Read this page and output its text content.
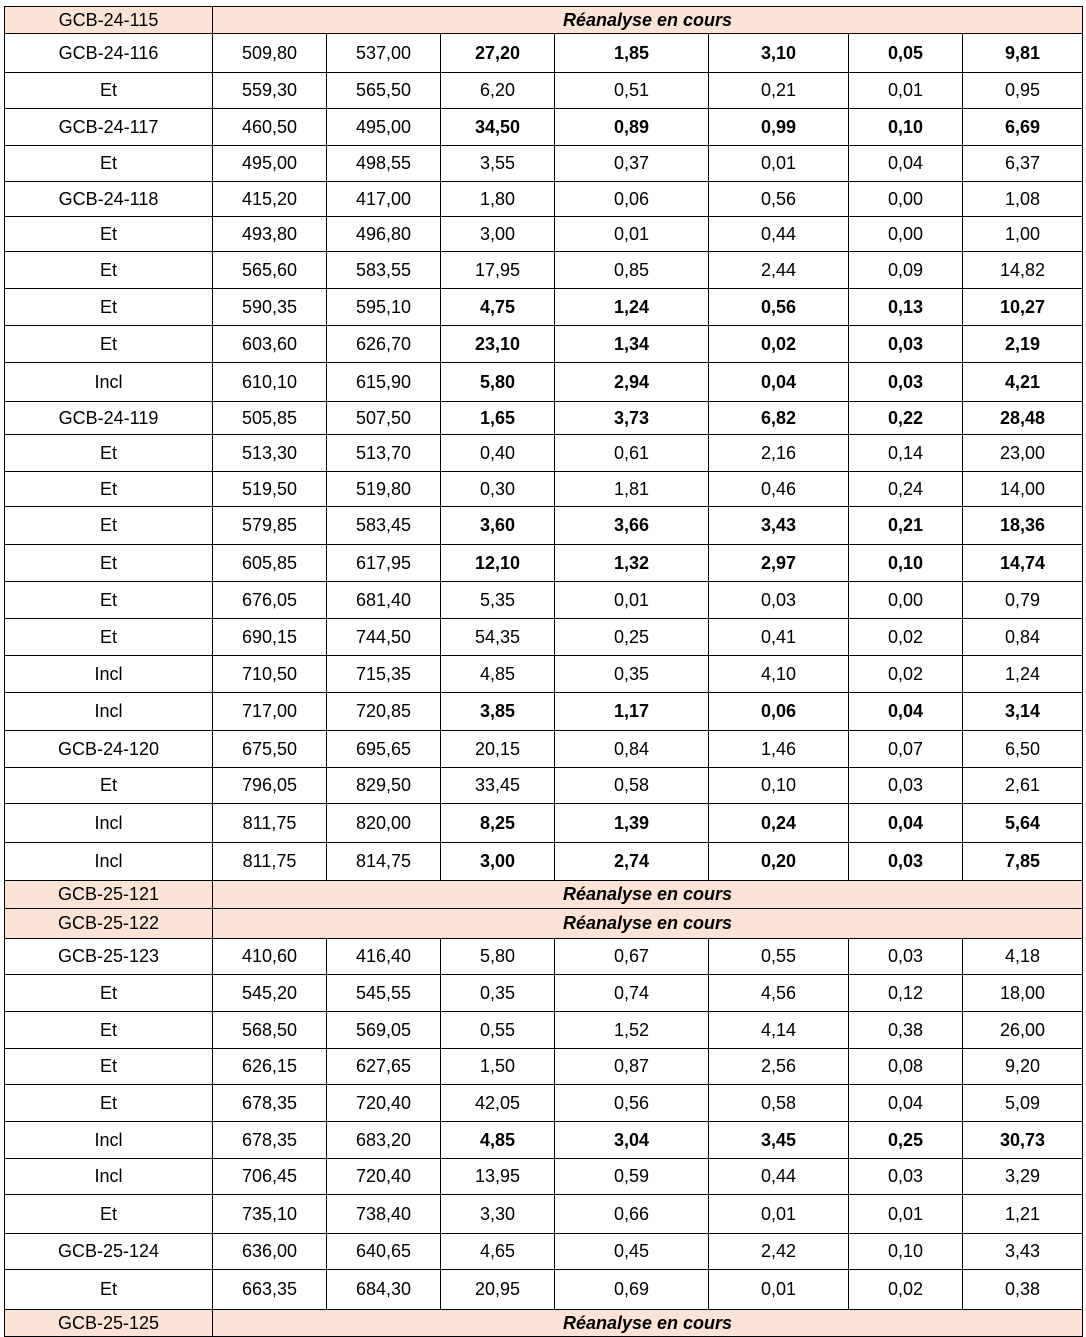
GCB-24-115	Réanalyse en cours						
GCB-24-116	509,80	537,00	27,20	1,85	3,10	0,05	9,81
Et	559,30	565,50	6,20	0,51	0,21	0,01	0,95
GCB-24-117	460,50	495,00	34,50	0,89	0,99	0,10	6,69
Et	495,00	498,55	3,55	0,37	0,01	0,04	6,37
GCB-24-118	415,20	417,00	1,80	0,06	0,56	0,00	1,08
Et	493,80	496,80	3,00	0,01	0,44	0,00	1,00
Et	565,60	583,55	17,95	0,85	2,44	0,09	14,82
Et	590,35	595,10	4,75	1,24	0,56	0,13	10,27
Et	603,60	626,70	23,10	1,34	0,02	0,03	2,19
Incl	610,10	615,90	5,80	2,94	0,04	0,03	4,21
GCB-24-119	505,85	507,50	1,65	3,73	6,82	0,22	28,48
Et	513,30	513,70	0,40	0,61	2,16	0,14	23,00
Et	519,50	519,80	0,30	1,81	0,46	0,24	14,00
Et	579,85	583,45	3,60	3,66	3,43	0,21	18,36
Et	605,85	617,95	12,10	1,32	2,97	0,10	14,74
Et	676,05	681,40	5,35	0,01	0,03	0,00	0,79
Et	690,15	744,50	54,35	0,25	0,41	0,02	0,84
Incl	710,50	715,35	4,85	0,35	4,10	0,02	1,24
Incl	717,00	720,85	3,85	1,17	0,06	0,04	3,14
GCB-24-120	675,50	695,65	20,15	0,84	1,46	0,07	6,50
Et	796,05	829,50	33,45	0,58	0,10	0,03	2,61
Incl	811,75	820,00	8,25	1,39	0,24	0,04	5,64
Incl	811,75	814,75	3,00	2,74	0,20	0,03	7,85
GCB-25-121	Réanalyse en cours						
GCB-25-122	Réanalyse en cours						
GCB-25-123	410,60	416,40	5,80	0,67	0,55	0,03	4,18
Et	545,20	545,55	0,35	0,74	4,56	0,12	18,00
Et	568,50	569,05	0,55	1,52	4,14	0,38	26,00
Et	626,15	627,65	1,50	0,87	2,56	0,08	9,20
Et	678,35	720,40	42,05	0,56	0,58	0,04	5,09
Incl	678,35	683,20	4,85	3,04	3,45	0,25	30,73
Incl	706,45	720,40	13,95	0,59	0,44	0,03	3,29
Et	735,10	738,40	3,30	0,66	0,01	0,01	1,21
GCB-25-124	636,00	640,65	4,65	0,45	2,42	0,10	3,43
Et	663,35	684,30	20,95	0,69	0,01	0,02	0,38
GCB-25-125	Réanalyse en cours						
